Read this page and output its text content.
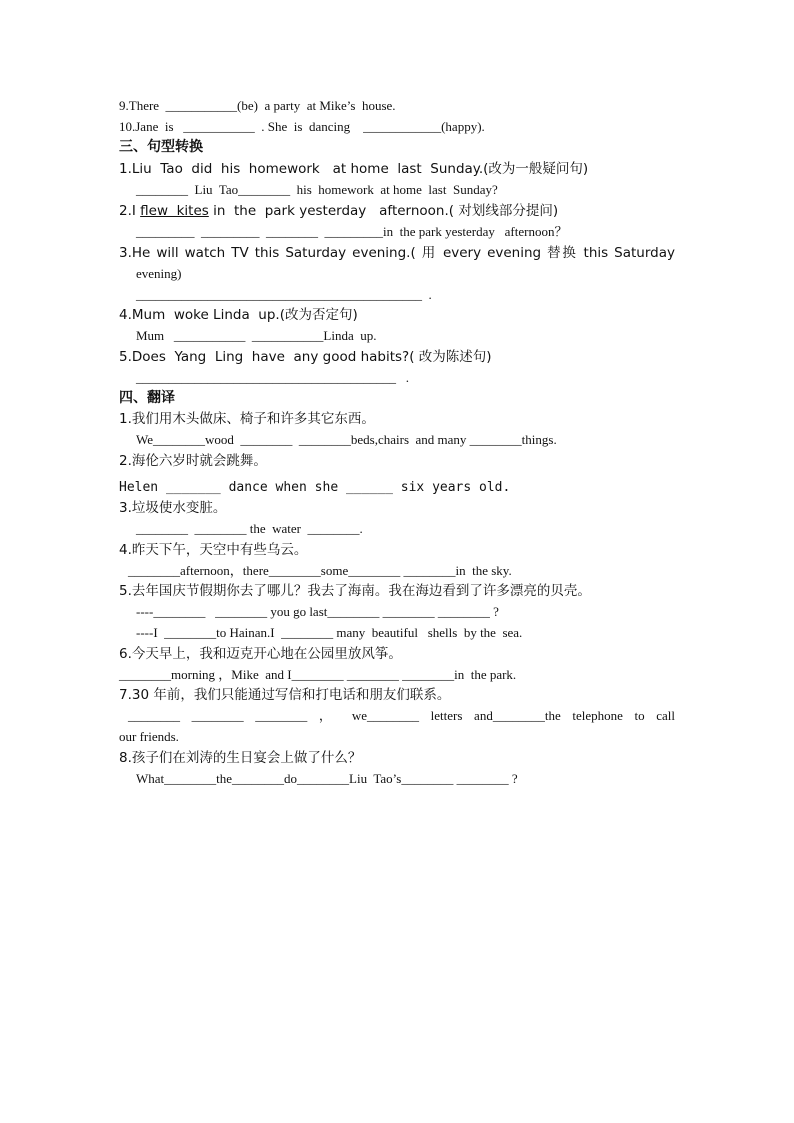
9.There  ___________(be)  a party  at Mike’s  house.
10.Jane  is   ___________  . She  is  dancing    ____________(happy).
三、句型转换
1.Liu  Tao  did  his  homework   at home  last  Sunday.(改为一般疑问句)
________  Liu  Tao________  his  homework  at home  last  Sunday?
2.I flew  kites in  the  park yesterday   afternoon.( 对划线部分提问)
_________  _________  ________  _________in  the park yesterday   afternoon？
3.He will watch TV this Saturday evening.( 用 every evening 替换 this Saturday
evening)
____________________________________________  .
4.Mum  woke Linda  up.(改为否定句)
Mum   ___________  ___________Linda  up.
5.Does  Yang  Ling  have  any good habits?( 改为陈述句)
________________________________________   .
四、翻译
1.我们用木头做床、椅子和许多其它东西。
We________wood  ________  ________beds,chairs  and many ________things.
2.海伦六岁时就会跳舞。
Helen _______ dance when she ______ six years old.
3.垃圾使水变脏。
________  ________ the  water  ________.
4.昨天下午，天空中有些乌云。
________afternoon，there________some________ ________in  the sky.
5.去年国庆节假期你去了哪儿？我去了海南。我在海边看到了许多漂亮的贝壳。
----________   ________ you go last________ ________ ________ ?
----I  ________to Hainan.I  ________ many  beautiful   shells  by the  sea.
6.今天早上，我和迈克开心地在公园里放风筝。
________morning ，Mike  and I________ ________ ________in  the park.
7.30 年前，我们只能通过写信和打电话和朋友们联系。
________ ________ ________ ， we________ letters and________the telephone to call
our friends.
8.孩子们在刘涛的生日宴会上做了什么？
What________the________do________Liu  Tao’s________ ________ ?
